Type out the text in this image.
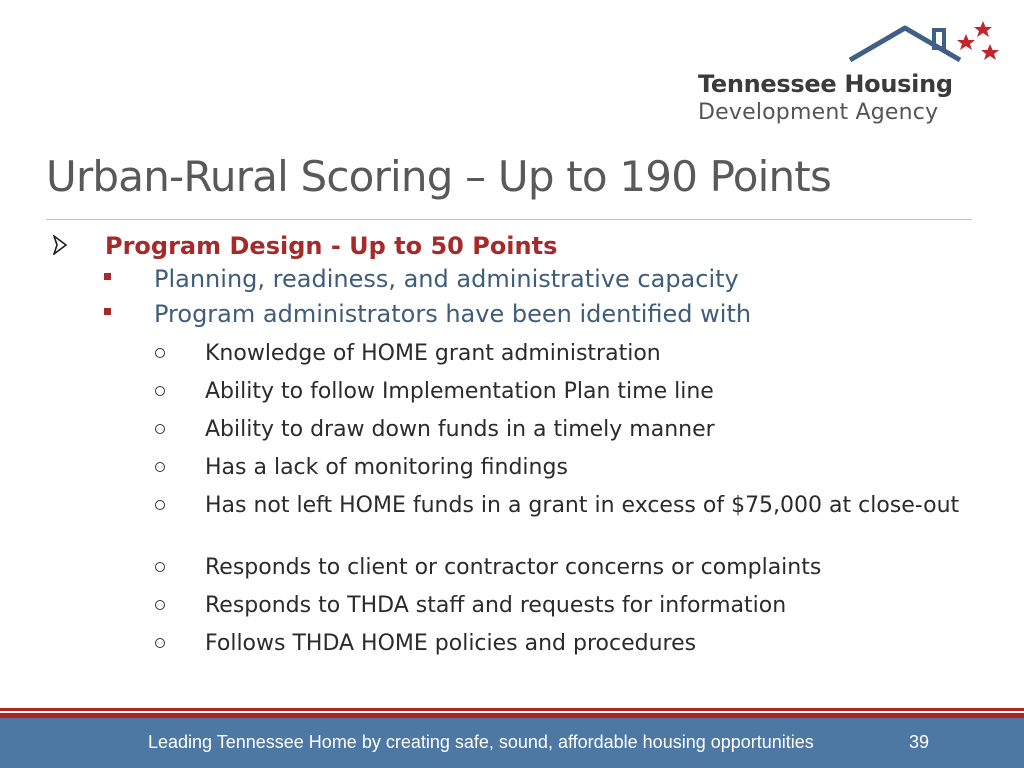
Tennessee Housing
Development Agency
Urban-Rural Scoring – Up to 190 Points
Program Design - Up to 50 Points
Planning, readiness, and administrative capacity
Program administrators have been identified with
Knowledge of HOME grant administration
Ability to follow Implementation Plan time line
Ability to draw down funds in a timely manner
Has a lack of monitoring findings
Has not left HOME funds in a grant in excess of $75,000 at close-out
Responds to client or contractor concerns or complaints
Responds to THDA staff and requests for information
Follows THDA HOME policies and procedures
Leading Tennessee Home by creating safe, sound, affordable housing opportunities	39
